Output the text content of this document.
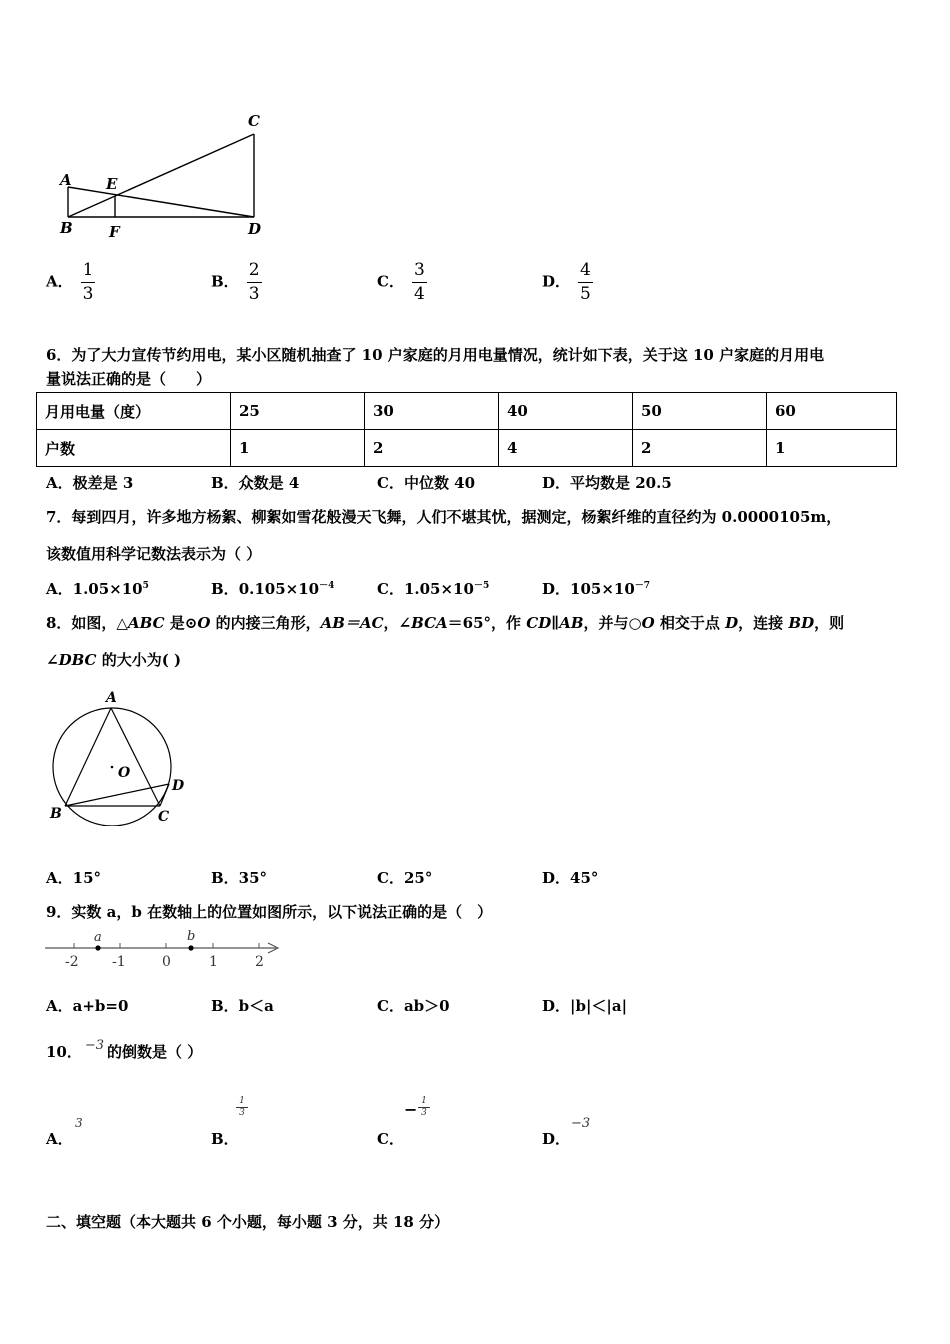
C
A E
B F	D
A． $\frac{1}{3}$	B． $\frac{2}{3}$	C． $\frac{3}{4}$	D． $\frac{4}{5}$
6．为了大力宣传节约用电，某小区随机抽查了 10 户家庭的月用电量情况，统计如下表，关于这 10 户家庭的月用电
量说法正确的是（　　）
月用电量（度）	25	30	40	50	60
户数	1	2	4	2	1
A．极差是 3	B．众数是 4	C．中位数 40	D．平均数是 20.5
7．每到四月，许多地方杨絮、柳絮如雪花般漫天飞舞，人们不堪其忧，据测定，杨絮纤维的直径约为 0.0000105m，
该数值用科学记数法表示为（ ）
A．$1.05\times 10^5$	B．$0.105\times 10^{-4}$	C．$1.05\times 10^{-5}$	D．$105\times 10^{-7}$
8．如图，△ABC 是⊙O 的内接三角形，AB＝AC，∠BCA＝65°，作 CD∥AB，并与○O 相交于点 D，连接 BD，则
∠DBC 的大小为( )
A
O
D
B	C
A．15°	B．35°	C．25°	D．45°
9．实数 a，b 在数轴上的位置如图所示，以下说法正确的是（　）
a	b
-2 -1	0	1	2
A．a+b=0	B．b＜a	C．ab＞0	D．|b|＜|a|
10． −3 的倒数是（ ）
A．
3
B．
1
3
C．
− 1
3
D．
−3
二、填空题（本大题共 6 个小题，每小题 3 分，共 18 分）
